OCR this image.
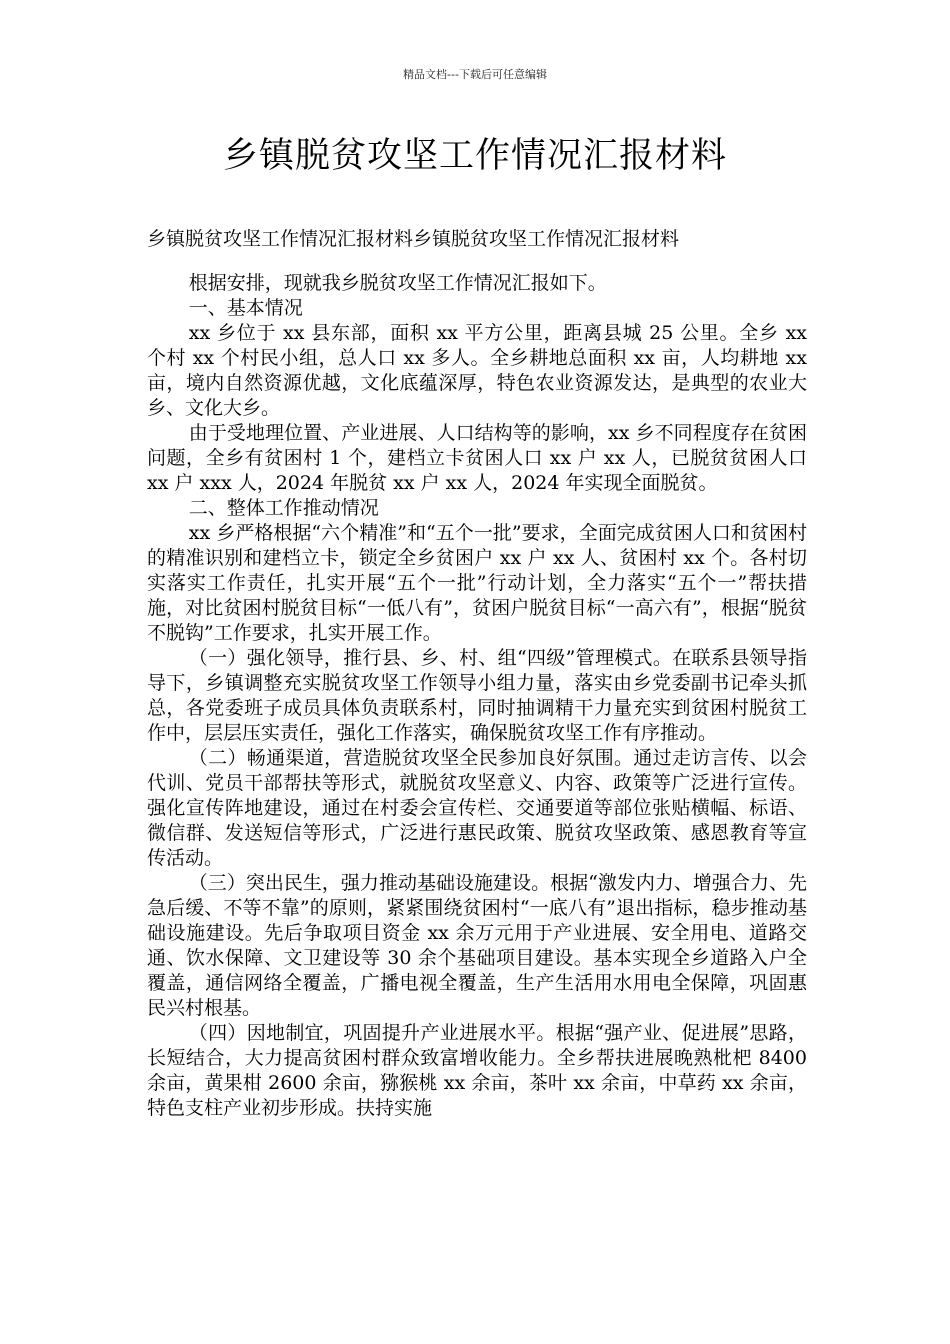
精品文档---下载后可任意编辑
乡镇脱贫攻坚工作情况汇报材料
乡镇脱贫攻坚工作情况汇报材料乡镇脱贫攻坚工作情况汇报材料

根据安排，现就我乡脱贫攻坚工作情况汇报如下。

一、基本情况

xx 乡位于 xx 县东部，面积 xx 平方公里，距离县城 25 公里。全乡 xx 个村 xx 个村民小组，总人口 xx 多人。全乡耕地总面积 xx 亩，人均耕地 xx 亩，境内自然资源优越，文化底蕴深厚，特色农业资源发达，是典型的农业大乡、文化大乡。

由于受地理位置、产业进展、人口结构等的影响，xx 乡不同程度存在贫困问题，全乡有贫困村 1 个，建档立卡贫困人口 xx 户 xx 人，已脱贫贫困人口 xx 户 xxx 人，2024 年脱贫 xx 户 xx 人，2024 年实现全面脱贫。

二、整体工作推动情况

xx 乡严格根据“六个精准”和“五个一批”要求，全面完成贫困人口和贫困村的精准识别和建档立卡，锁定全乡贫困户 xx 户 xx 人、贫困村 xx 个。各村切实落实工作责任，扎实开展“五个一批”行动计划，全力落实“五个一”帮扶措施，对比贫困村脱贫目标“一低八有”，贫困户脱贫目标“一高六有”，根据“脱贫不脱钩”工作要求，扎实开展工作。

（一）强化领导，推行县、乡、村、组“四级”管理模式。在联系县领导指导下，乡镇调整充实脱贫攻坚工作领导小组力量，落实由乡党委副书记牵头抓总，各党委班子成员具体负责联系村，同时抽调精干力量充实到贫困村脱贫工作中，层层压实责任，强化工作落实，确保脱贫攻坚工作有序推动。

（二）畅通渠道，营造脱贫攻坚全民参加良好氛围。通过走访言传、以会代训、党员干部帮扶等形式，就脱贫攻坚意义、内容、政策等广泛进行宣传。强化宣传阵地建设，通过在村委会宣传栏、交通要道等部位张贴横幅、标语、微信群、发送短信等形式，广泛进行惠民政策、脱贫攻坚政策、感恩教育等宣传活动。

（三）突出民生，强力推动基础设施建设。根据“激发内力、增强合力、先急后缓、不等不靠”的原则，紧紧围绕贫困村“一底八有”退出指标，稳步推动基础设施建设。先后争取项目资金 xx 余万元用于产业进展、安全用电、道路交通、饮水保障、文卫建设等 30 余个基础项目建设。基本实现全乡道路入户全覆盖，通信网络全覆盖，广播电视全覆盖，生产生活用水用电全保障，巩固惠民兴村根基。

（四）因地制宜，巩固提升产业进展水平。根据“强产业、促进展”思路，长短结合，大力提高贫困村群众致富增收能力。全乡帮扶进展晚熟枇杷 8400 余亩，黄果柑 2600 余亩，猕猴桃 xx 余亩，茶叶 xx 余亩，中草药 xx 余亩，特色支柱产业初步形成。扶持实施
